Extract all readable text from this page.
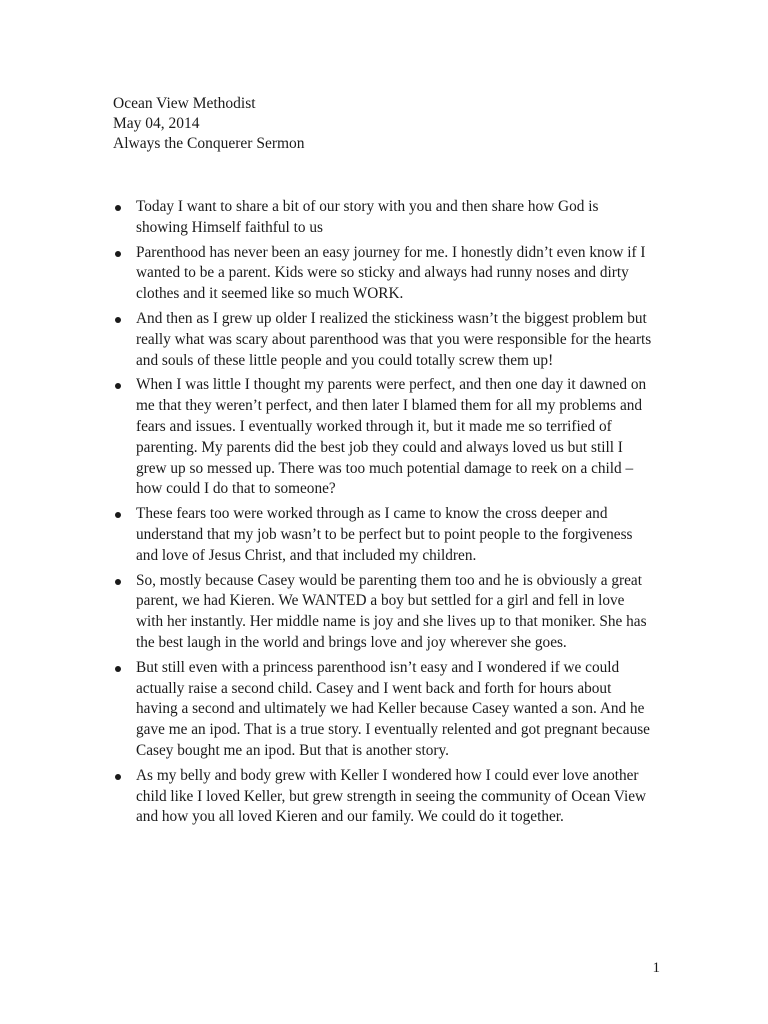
Ocean View Methodist
May 04, 2014
Always the Conquerer Sermon
Today I want to share a bit of our story with you and then share how God is showing Himself faithful to us
Parenthood has never been an easy journey for me. I honestly didn’t even know if I wanted to be a parent. Kids were so sticky and always had runny noses and dirty clothes and it seemed like so much WORK.
And then as I grew up older I realized the stickiness wasn’t the biggest problem but really what was scary about parenthood was that you were responsible for the hearts and souls of these little people and you could totally screw them up!
When I was little I thought my parents were perfect, and then one day it dawned on me that they weren’t perfect, and then later I blamed them for all my problems and fears and issues. I eventually worked through it, but it made me so terrified of parenting. My parents did the best job they could and always loved us but still I grew up so messed up. There was too much potential damage to reek on a child – how could I do that to someone?
These fears too were worked through as I came to know the cross deeper and understand that my job wasn’t to be perfect but to point people to the forgiveness and love of Jesus Christ, and that included my children.
So, mostly because Casey would be parenting them too and he is obviously a great parent, we had Kieren. We WANTED a boy but settled for a girl and fell in love with her instantly. Her middle name is joy and she lives up to that moniker. She has the best laugh in the world and brings love and joy wherever she goes.
But still even with a princess parenthood isn’t easy and I wondered if we could actually raise a second child. Casey and I went back and forth for hours about having a second and ultimately we had Keller because Casey wanted a son. And he gave me an ipod. That is a true story. I eventually relented and got pregnant because Casey bought me an ipod. But that is another story.
As my belly and body grew with Keller I wondered how I could ever love another child like I loved Keller, but grew strength in seeing the community of Ocean View and how you all loved Kieren and our family. We could do it together.
1
